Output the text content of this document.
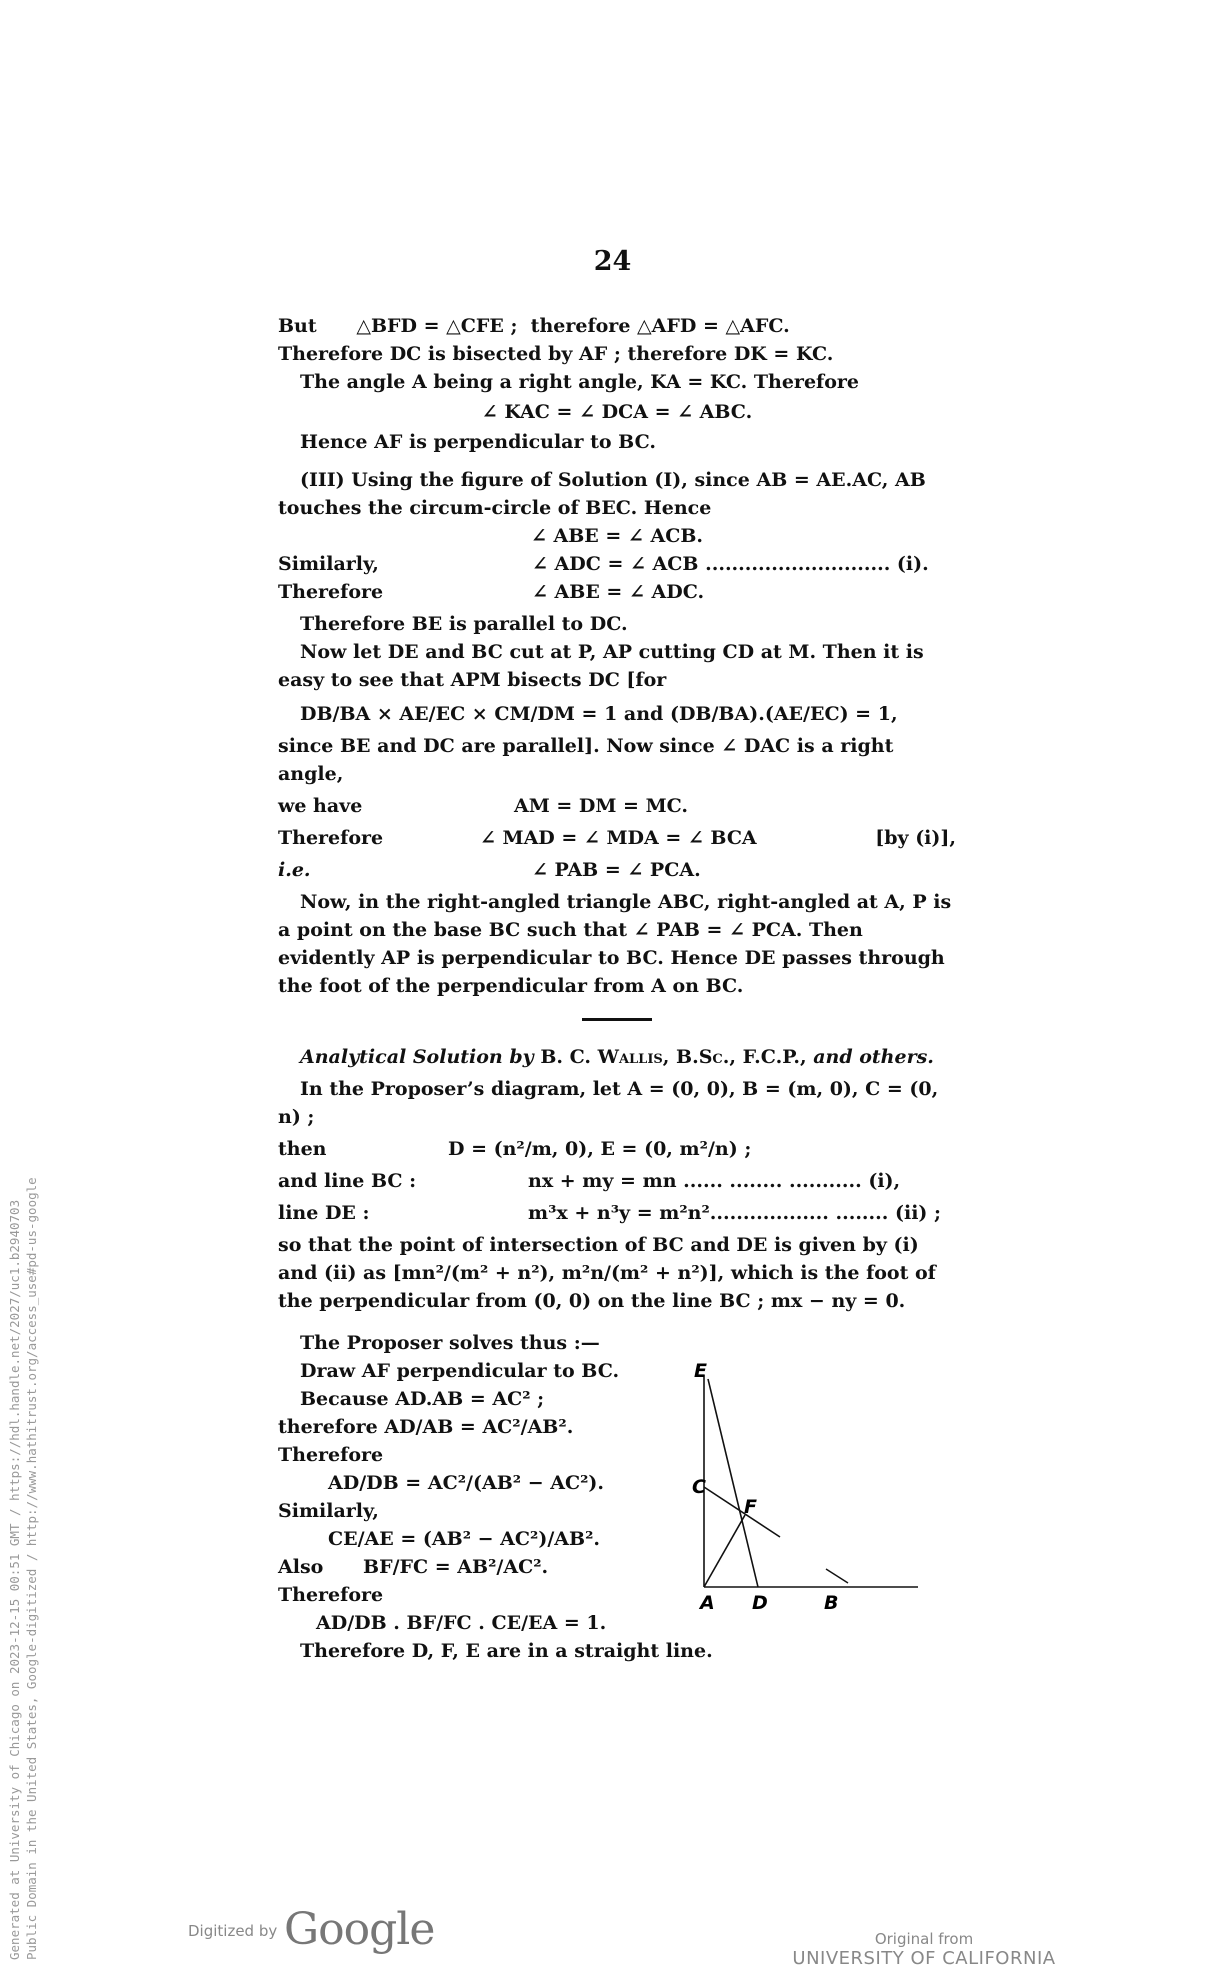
24

But      △BFD = △CFE ;  therefore △AFD = △AFC.

Therefore DC is bisected by AF ; therefore DK = KC.

The angle A being a right angle, KA = KC. Therefore

∠ KAC = ∠ DCA = ∠ ABC.

Hence AF is perpendicular to BC.

(III) Using the figure of Solution (I), since AB = AE.AC, AB touches the circum-circle of BEC. Hence

∠ ABE = ∠ ACB.

Similarly,	∠ ADC = ∠ ACB ............................ (i).
Therefore	∠ ABE = ∠ ADC.

Therefore BE is parallel to DC.

Now let DE and BC cut at P, AP cutting CD at M. Then it is easy to see that APM bisects DC [for

DB/BA × AE/EC × CM/DM = 1 and (DB/BA).(AE/EC) = 1,

since BE and DC are parallel]. Now since ∠ DAC is a right angle,

we have	AM = DM = MC.
Therefore	∠ MAD = ∠ MDA = ∠ BCA	[by (i)],
i.e.	∠ PAB = ∠ PCA.

Now, in the right-angled triangle ABC, right-angled at A, P is a point on the base BC such that ∠ PAB = ∠ PCA. Then evidently AP is perpendicular to BC. Hence DE passes through the foot of the perpendicular from A on BC.

Analytical Solution by B. C. Wallis, B.Sc., F.C.P., and others.

In the Proposer’s diagram, let A = (0, 0), B = (m, 0), C = (0, n) ;

then	D = (n²/m, 0), E = (0, m²/n) ;
and line BC :	nx + my = mn ...... ........ ........... (i),
line DE :	m³x + n³y = m²n².................. ........ (ii) ;

so that the point of intersection of BC and DE is given by (i) and (ii) as [mn²/(m² + n²), m²n/(m² + n²)], which is the foot of the perpendicular from (0, 0) on the line BC ; mx − ny = 0.

The Proposer solves thus :—

Draw AF perpendicular to BC.

Because AD.AB = AC² ;

therefore AD/AB = AC²/AB².

Therefore

AD/DB = AC²/(AB² − AC²).

Similarly,

CE/AE = (AB² − AC²)/AB².

Also      BF/FC = AB²/AC².

Therefore

AD/DB . BF/FC . CE/EA = 1.

Therefore D, F, E are in a straight line.

E
C
F
A D	B
Digitized by Google	Original from
UNIVERSITY OF CALIFORNIA
Generated at University of Chicago on 2023-12-15 00:51 GMT / https://hdl.handle.net/2027/uc1.b2940703 Public Domain in the United States, Google-digitized / http://www.hathitrust.org/access_use#pd-us-google
